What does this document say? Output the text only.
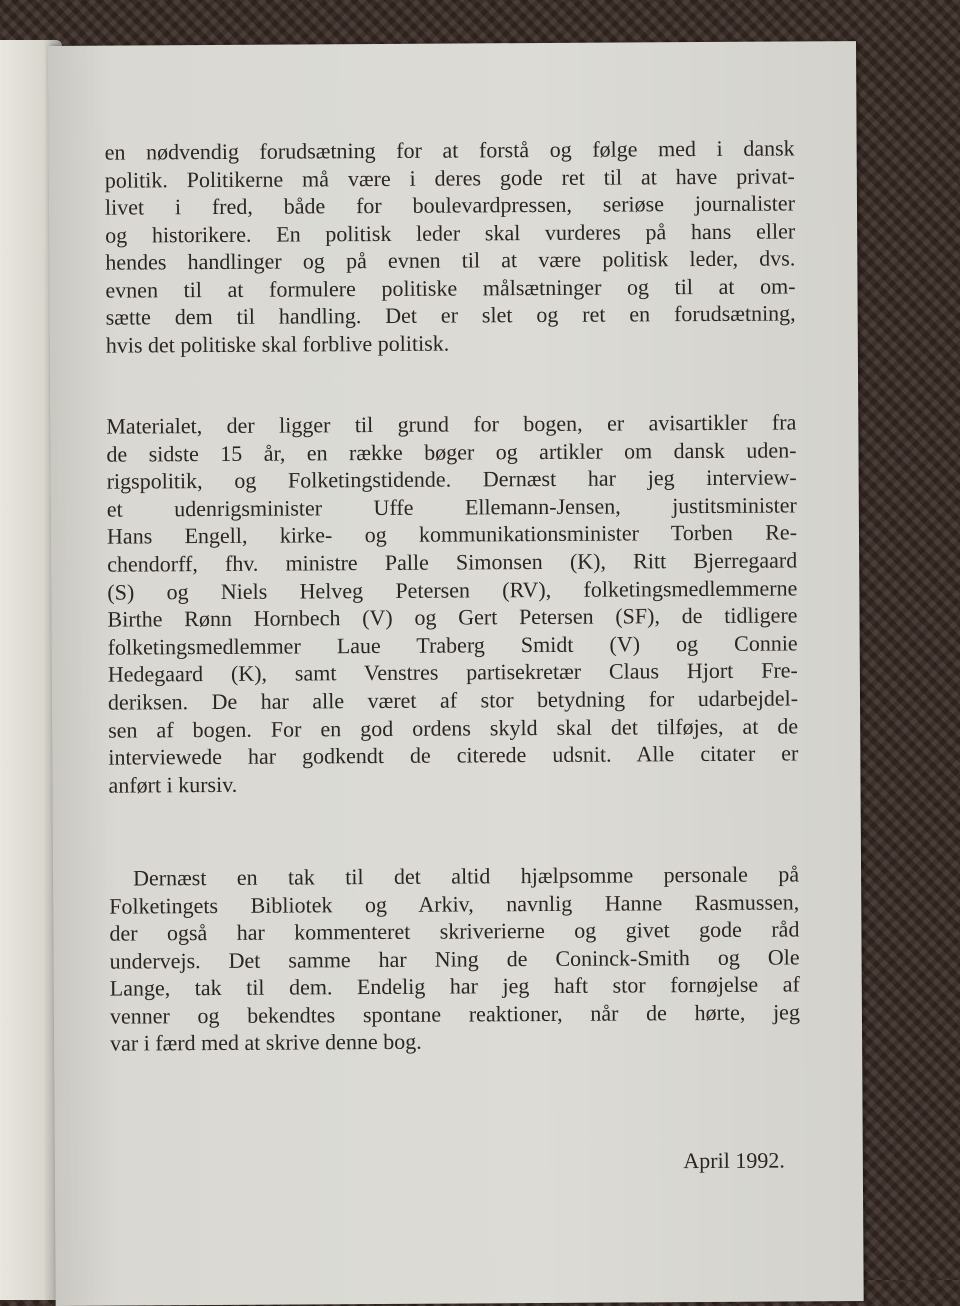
var i færd med at skrive denne bog.
venner og bekendtes spontane reaktioner, når de hørte, jeg
Lange, tak til dem. Endelig har jeg haft stor fornøjelse af
undervejs. Det samme har Ning de Coninck-Smith og Ole
der også har kommenteret skriverierne og givet gode råd
Folketingets Bibliotek og Arkiv, navnlig Hanne Rasmussen,
Dernæst en tak til det altid hjælpsomme personale på
anført i kursiv.
interviewede har godkendt de citerede udsnit. Alle citater er
sen af bogen. For en god ordens skyld skal det tilføjes, at de
deriksen. De har alle været af stor betydning for udarbejdel-
Hedegaard (K), samt Venstres partisekretær Claus Hjort Fre-
folketingsmedlemmer Laue Traberg Smidt (V) og Connie
Birthe Rønn Hornbech (V) og Gert Petersen (SF), de tidligere
(S) og Niels Helveg Petersen (RV), folketingsmedlemmerne
chendorff, fhv. ministre Palle Simonsen (K), Ritt Bjerregaard
Hans Engell, kirke- og kommunikationsminister Torben Re-
et udenrigsminister Uffe Ellemann-Jensen, justitsminister
rigspolitik, og Folketingstidende. Dernæst har jeg interview-
de sidste 15 år, en række bøger og artikler om dansk uden-
Materialet, der ligger til grund for bogen, er avisartikler fra
hvis det politiske skal forblive politisk.
sætte dem til handling. Det er slet og ret en forudsætning,
evnen til at formulere politiske målsætninger og til at om-
hendes handlinger og på evnen til at være politisk leder, dvs.
og historikere. En politisk leder skal vurderes på hans eller
livet i fred, både for boulevardpressen, seriøse journalister
politik. Politikerne må være i deres gode ret til at have privat-
en nødvendig forudsætning for at forstå og følge med i dansk
April 1992.
